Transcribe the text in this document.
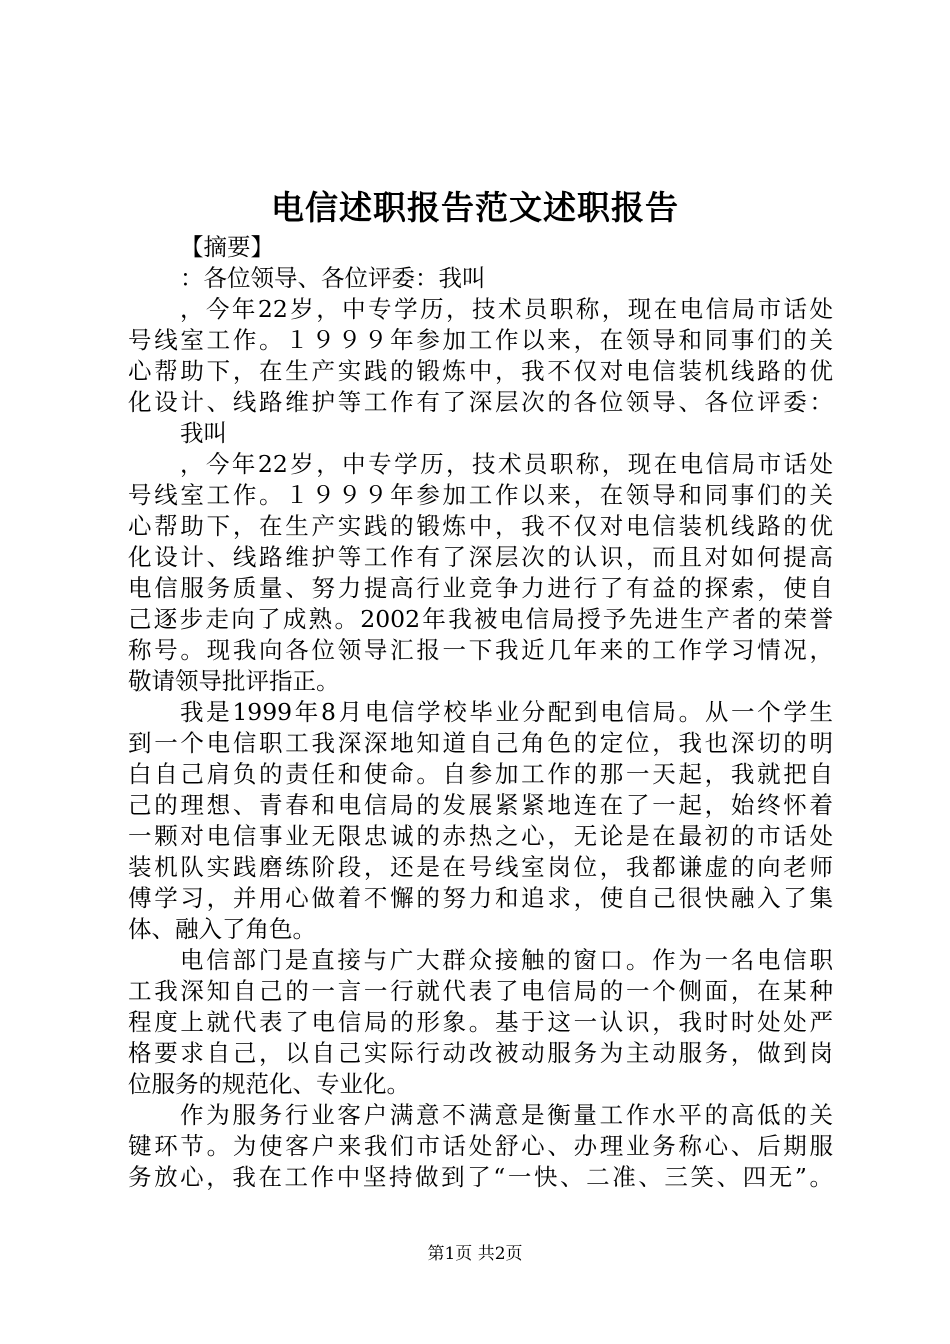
电信述职报告范文述职报告
【摘要】
：各位领导、各位评委：我叫
，今年22岁，中专学历，技术员职称，现在电信局市话处
号线室工作。１９９９年参加工作以来，在领导和同事们的关
心帮助下，在生产实践的锻炼中，我不仅对电信装机线路的优
化设计、线路维护等工作有了深层次的各位领导、各位评委：
我叫
，今年22岁，中专学历，技术员职称，现在电信局市话处
号线室工作。１９９９年参加工作以来，在领导和同事们的关
心帮助下，在生产实践的锻炼中，我不仅对电信装机线路的优
化设计、线路维护等工作有了深层次的认识，而且对如何提高
电信服务质量、努力提高行业竞争力进行了有益的探索，使自
己逐步走向了成熟。2002年我被电信局授予先进生产者的荣誉
称号。现我向各位领导汇报一下我近几年来的工作学习情况，
敬请领导批评指正。
我是1999年8月电信学校毕业分配到电信局。从一个学生
到一个电信职工我深深地知道自己角色的定位，我也深切的明
白自己肩负的责任和使命。自参加工作的那一天起，我就把自
己的理想、青春和电信局的发展紧紧地连在了一起，始终怀着
一颗对电信事业无限忠诚的赤热之心，无论是在最初的市话处
装机队实践磨练阶段，还是在号线室岗位，我都谦虚的向老师
傅学习，并用心做着不懈的努力和追求，使自己很快融入了集
体、融入了角色。
电信部门是直接与广大群众接触的窗口。作为一名电信职
工我深知自己的一言一行就代表了电信局的一个侧面，在某种
程度上就代表了电信局的形象。基于这一认识，我时时处处严
格要求自己，以自己实际行动改被动服务为主动服务，做到岗
位服务的规范化、专业化。
作为服务行业客户满意不满意是衡量工作水平的高低的关
键环节。为使客户来我们市话处舒心、办理业务称心、后期服
务放心，我在工作中坚持做到了“一快、二准、三笑、四无”。
第1页 共2页
